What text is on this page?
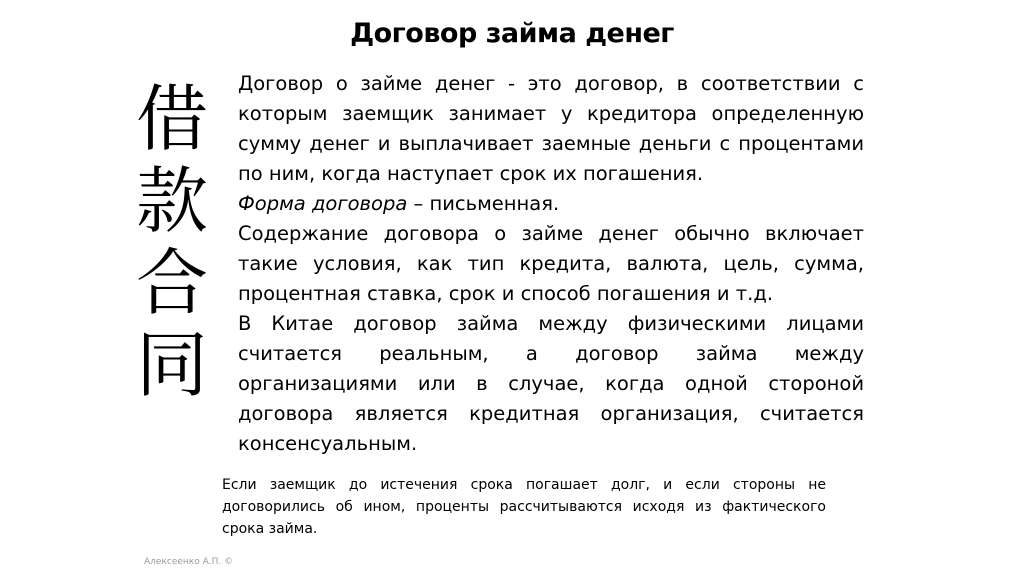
Договор займа денег
借
款
合
同

Договор о займе денег - это договор, в соответствии с которым заемщик занимает у кредитора определенную сумму денег и выплачивает заемные деньги с процентами по ним, когда наступает срок их погашения.

Форма договора – письменная.

Содержание договора о займе денег обычно включает такие условия, как тип кредита, валюта, цель, сумма, процентная ставка, срок и способ погашения и т.д.

В Китае договор займа между физическими лицами считается реальным, а договор займа между организациями или в случае, когда одной стороной договора является кредитная организация, считается консенсуальным.

Если заемщик до истечения срока погашает долг, и если стороны не договорились об ином, проценты рассчитываются исходя из фактического срока займа.

Алексеенко А.П. ©
